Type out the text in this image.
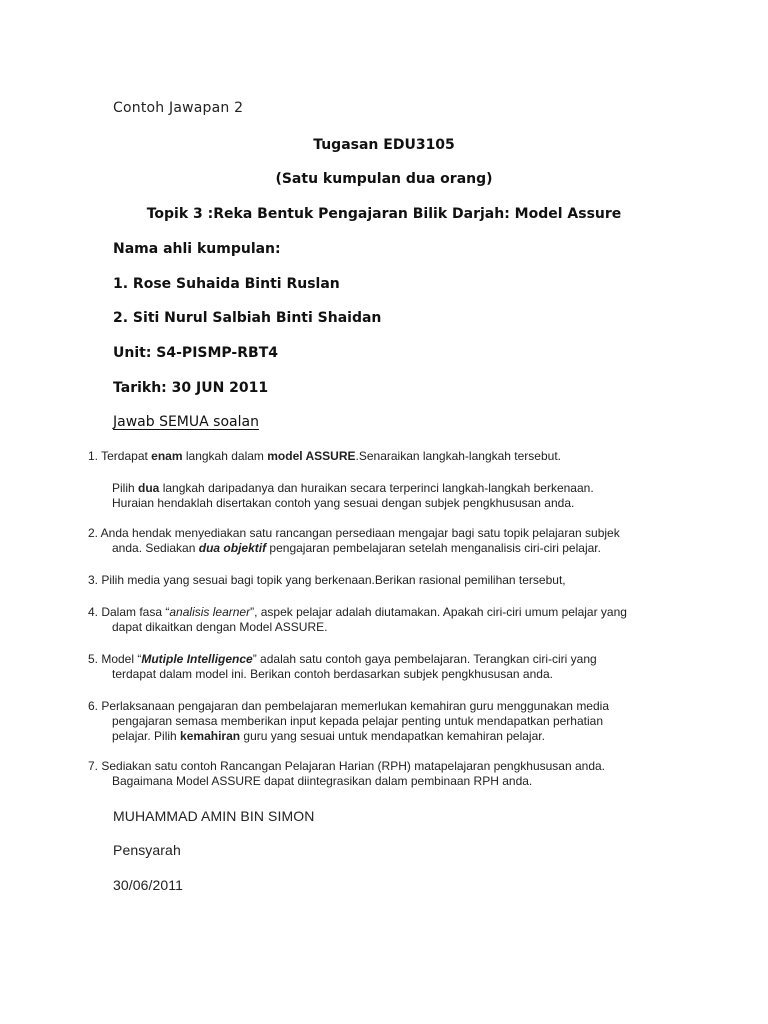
Contoh Jawapan 2
Tugasan EDU3105
(Satu kumpulan dua orang)
Topik 3 :Reka Bentuk Pengajaran Bilik Darjah: Model Assure
Nama ahli kumpulan:
1. Rose Suhaida Binti Ruslan
2. Siti Nurul Salbiah Binti Shaidan
Unit: S4-PISMP-RBT4
Tarikh: 30 JUN 2011
Jawab SEMUA soalan
1. Terdapat enam langkah dalam model ASSURE.Senaraikan langkah-langkah tersebut.
Pilih dua langkah daripadanya dan huraikan secara terperinci langkah-langkah berkenaan.
Huraian hendaklah disertakan contoh yang sesuai dengan subjek pengkhususan anda.
2. Anda hendak menyediakan satu rancangan persediaan mengajar bagi satu topik pelajaran subjek
anda. Sediakan dua objektif pengajaran pembelajaran setelah menganalisis ciri-ciri pelajar.
3. Pilih media yang sesuai bagi topik yang berkenaan.Berikan rasional pemilihan tersebut,
4. Dalam fasa “analisis learner”, aspek pelajar adalah diutamakan. Apakah ciri-ciri umum pelajar yang
dapat dikaitkan dengan Model ASSURE.
5. Model “Mutiple Intelligence” adalah satu contoh gaya pembelajaran. Terangkan ciri-ciri yang
terdapat dalam model ini. Berikan contoh berdasarkan subjek pengkhususan anda.
6. Perlaksanaan pengajaran dan pembelajaran memerlukan kemahiran guru menggunakan media
pengajaran semasa memberikan input kepada pelajar penting untuk mendapatkan perhatian
pelajar. Pilih kemahiran guru yang sesuai untuk mendapatkan kemahiran pelajar.
7. Sediakan satu contoh Rancangan Pelajaran Harian (RPH) matapelajaran pengkhususan anda.
Bagaimana Model ASSURE dapat diintegrasikan dalam pembinaan RPH anda.
MUHAMMAD AMIN BIN SIMON
Pensyarah
30/06/2011
